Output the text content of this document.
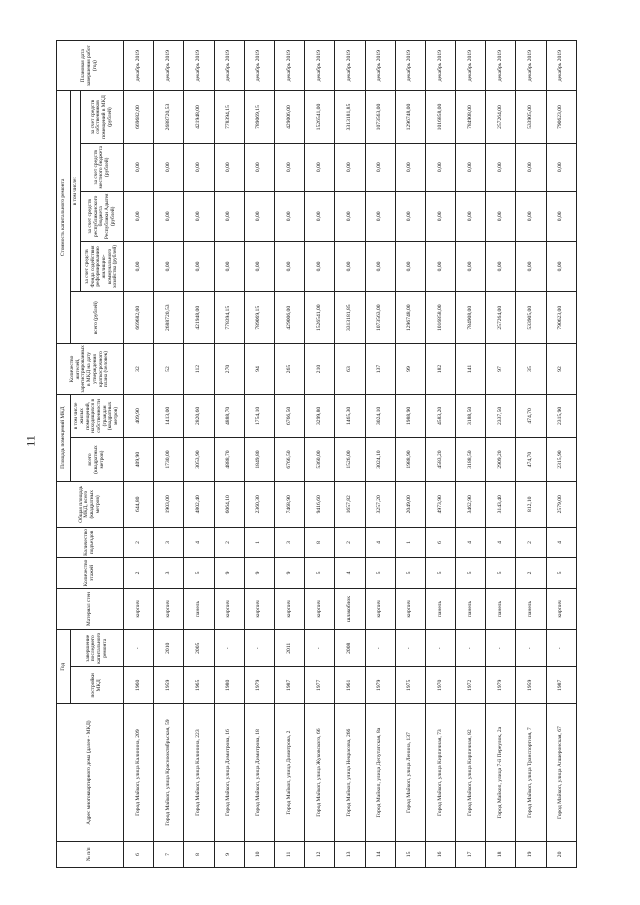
11
№ п/п	Адрес многоквартирного дома (далее - МКД)	Год		Материал стен	Количество этажей	Количество подъездов	Общая площадь МКД, всего (квадратных метров)	Площадь помещений МКД		Количество жителей, зарегистрированных в МКД на дату утверждения краткосрочного плана (человек)	Стоимость капитального ремонта					Плановая дата завершения работ (год)
		постройки МКД	завершение последнего капитального ремонта					всего (квадратных метров)	в том числе жилых помещений, находящихся в собственности (граждан (квадратных метров)		всего (рублей)	в том числе:				
												за счет средств Фонда содействия реформированию жилищно-коммунального хозяйства (рублей)	за счет средств республиканского бюджета Республики Адыгея (рублей)	за счет средств местного бюджета (рублей)	за счет средств собственников помещений в МКД (рублей)	
6	Город Майкоп, улица Калинина, 209	1960	-	кирпич	2	2	644,80	409,90	409,90	32	669682,00	0,00	0,00	0,00	669682,00	декабрь 2019
7	Город Майкоп, улица Краснооктябрьская, 59	1959	2010	кирпич	3	3	1903,00	1730,00	1413,00	52	2688720,53	0,00	0,00	0,00	2688720,53	декабрь 2019
8	Город Майкоп, улица Калинина, 223	1965	2005	панель	5	4	4802,40	3053,90	2820,60	112	421948,00	0,00	0,00	0,00	421948,00	декабрь 2019
9	Город Майкоп, улица Димитрова, 16	1980	-	кирпич	9	2	6064,10	4888,70	4888,70	270	778394,15	0,00	0,00	0,00	778394,15	декабрь 2019
10	Город Майкоп, улица Димитрова, 18	1979	-	кирпич	9	1	2360,30	1849,80	1754,10	94	789069,15	0,00	0,00	0,00	789069,15	декабрь 2019
11	Город Майкоп, улица Димитрова, 2	1987	2011	кирпич	9	3	7468,90	6766,50	6766,50	265	429006,00	0,00	0,00	0,00	429006,00	декабрь 2019
12	Город Майкоп, улица Жуковского, 66	1977	-	кирпич	5	8	9416,60	5360,00	3299,80	210	1526541,00	0,00	0,00	0,00	1526541,00	декабрь 2019
13	Город Майкоп, улица Некрасова, 266	1961	2008	шлакоблок	4	2	1657,82	1526,00	1465,30	63	3313181,85	0,00	0,00	0,00	3313181,85	декабрь 2019
14	Город Майкоп, улица Депутатская, 8а	1979	-	кирпич	5	4	3257,20	3024,10	3024,10	137	1073563,00	0,00	0,00	0,00	1073563,00	декабрь 2019
15	Город Майкоп, улица Ленина, 137	1975	-	кирпич	5	1	2049,00	1988,90	1988,90	99	1296748,00	0,00	0,00	0,00	1296748,00	декабрь 2019
16	Город Майкоп, улица Кирпичная, 73	1970	-	панель	5	6	4973,90	4583,20	4583,20	182	1016858,00	0,00	0,00	0,00	1016858,00	декабрь 2019
17	Город Майкоп, улица Кирпичная, 82	1972	-	панель	5	4	3462,90	3188,50	3188,50	141	784908,00	0,00	0,00	0,00	784908,00	декабрь 2019
18	Город Майкоп, улица 7-й Переулок, 2а	1979	-	панель	5	4	3143,40	2909,20	2337,50	97	257264,00	0,00	0,00	0,00	257264,00	декабрь 2019
19	Город Майкоп, улица Транспортная, 7	1959	-	панель	2	2	812,10	474,70	474,70	35	533905,00	0,00	0,00	0,00	533905,00	декабрь 2019
20	Город Майкоп, улица Апшеронская, 67	1987	-	кирпич	5	4	2579,00	2315,90	2315,90	92	790623,00	0,00	0,00	0,00	790623,00	декабрь 2019
